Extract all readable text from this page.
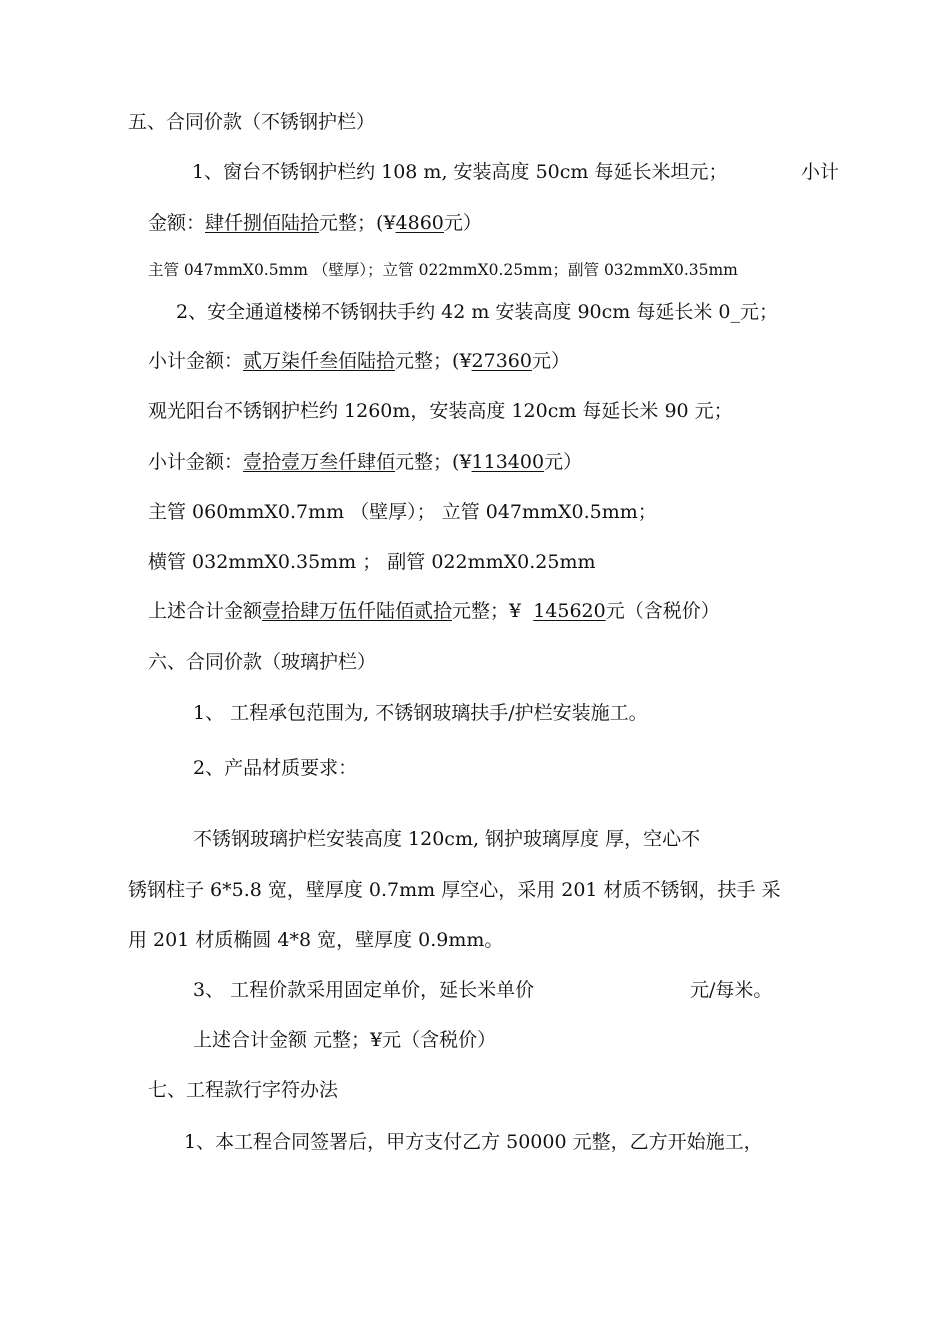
五、合同价款（不锈钢护栏）
1、窗台不锈钢护栏约 108 m, 安装高度 50cm 每延长米坦元；	小计
金额：肆仟捌佰陆拾元整；(¥4860元）
主管 047mmΧ0.5mm （壁厚）；立管 022mmΧ0.25mm；副管 032mmΧ0.35mm
2、安全通道楼梯不锈钢扶手约 42 m 安装高度 90cm 每延长米 0_元；
小计金额：贰万柒仟叁佰陆拾元整；(¥27360元）
观光阳台不锈钢护栏约 1260m，安装高度 120cm 每延长米 90 元；
小计金额：壹拾壹万叁仟肆佰元整；(¥113400元）
主管 060mmΧ0.7mm （壁厚）； 立管 047mmΧ0.5mm；
横管 032mmΧ0.35mm ； 副管 022mmΧ0.25mm
上述合计金额壹拾肆万伍仟陆佰贰拾元整；¥  145620元（含税价）
六、合同价款（玻璃护栏）
1、 工程承包范围为, 不锈钢玻璃扶手/护栏安装施工。
2、产品材质要求：
不锈钢玻璃护栏安装高度 120cm, 钢护玻璃厚度 厚，空心不
锈钢柱子 6*5.8 宽，壁厚度 0.7mm 厚空心，采用 201 材质不锈钢，扶手 采
用 201 材质椭圆 4*8 宽，壁厚度 0.9mm。
3、 工程价款采用固定单价，延长米单价	元/每米。
上述合计金额 元整；¥元（含税价）
七、工程款行字符办法
1、本工程合同签署后，甲方支付乙方 50000 元整，乙方开始施工，
